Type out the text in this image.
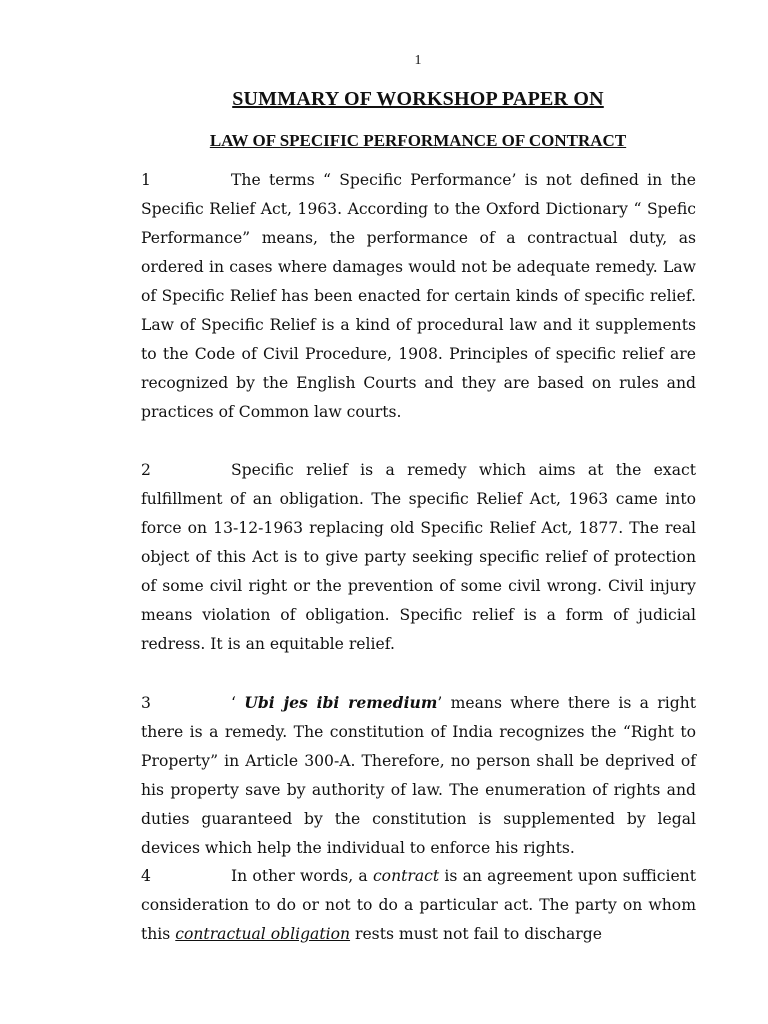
1
SUMMARY OF WORKSHOP PAPER ON
LAW OF SPECIFIC PERFORMANCE OF CONTRACT

1	The terms “ Specific Performance’ is not defined in the Specific Relief Act, 1963. According to the Oxford Dictionary “ Spefic Performance” means, the performance of a contractual duty, as ordered in cases where damages would not be adequate remedy. Law of Specific Relief has been enacted for certain kinds of specific relief. Law of Specific Relief is a kind of procedural law and it supplements to the Code of Civil Procedure, 1908. Principles of specific relief are recognized by the English Courts and they are based on rules and practices of Common law courts.

2	Specific relief is a remedy which aims at the exact fulfillment of an obligation. The specific Relief Act, 1963 came into force on 13-12-1963 replacing old Specific Relief Act, 1877. The real object of this Act is to give party seeking specific relief of protection of some civil right or the prevention of some civil wrong. Civil injury means violation of obligation. Specific relief is a form of judicial redress. It is an equitable relief.

3	‘ Ubi jes ibi remedium’ means where there is a right there is a remedy. The constitution of India recognizes the “Right to Property” in Article 300-A. Therefore, no person shall be deprived of his property save by authority of law. The enumeration of rights and duties guaranteed by the constitution is supplemented by legal devices which help the individual to enforce his rights.

4	In other words, a contract is an agreement upon sufficient consideration to do or not to do a particular act. The party on whom this contractual obligation rests must not fail to discharge
